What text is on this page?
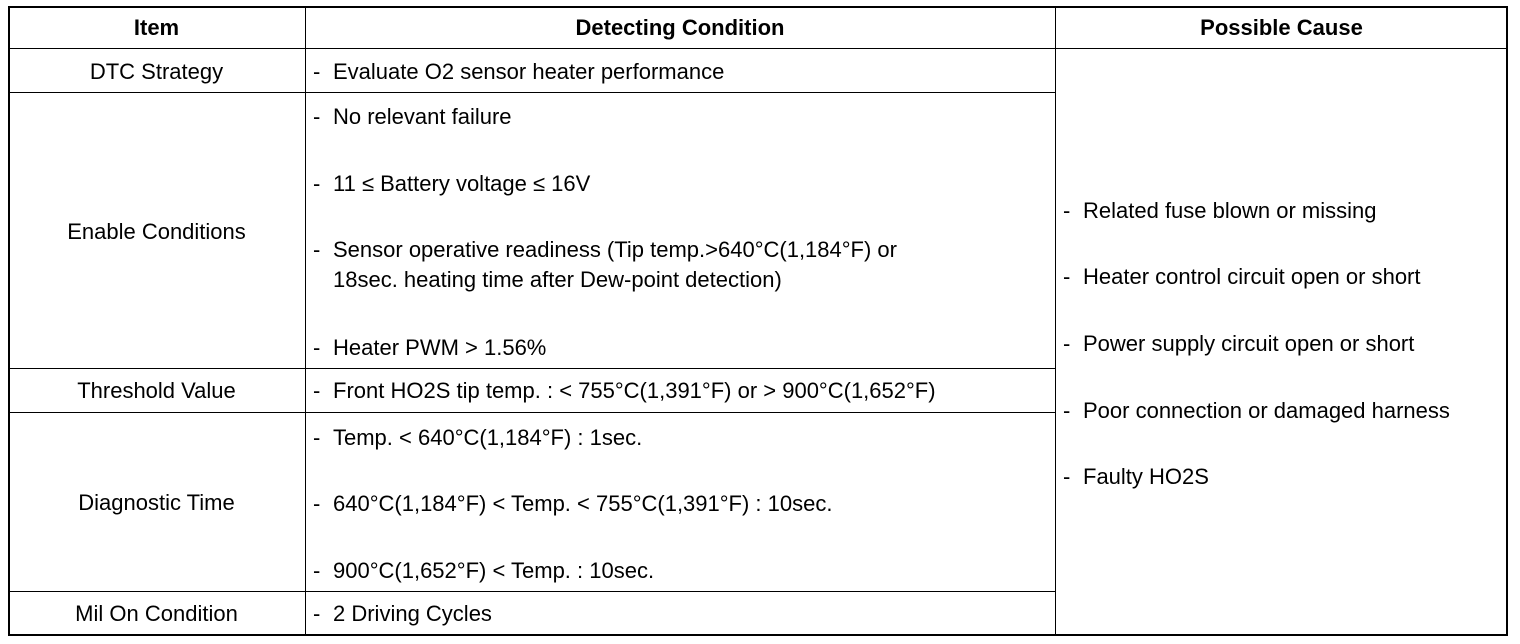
Item	Detecting Condition	Possible Cause
DTC Strategy
Enable Conditions
Threshold Value
Diagnostic Time
Mil On Condition
- Evaluate O2 sensor heater performance
- No relevant failure
- 11 ≤ Battery voltage ≤ 16V
- Sensor operative readiness (Tip temp.>640°C(1,184°F) or
18sec. heating time after Dew-point detection)
- Heater PWM > 1.56%
- Front HO2S tip temp. : < 755°C(1,391°F) or > 900°C(1,652°F)
- Temp. < 640°C(1,184°F) : 1sec.
- 640°C(1,184°F) < Temp. < 755°C(1,391°F) : 10sec.
- 900°C(1,652°F) < Temp. : 10sec.
- 2 Driving Cycles
- Related fuse blown or missing
- Heater control circuit open or short
- Power supply circuit open or short
- Poor connection or damaged harness
- Faulty HO2S
